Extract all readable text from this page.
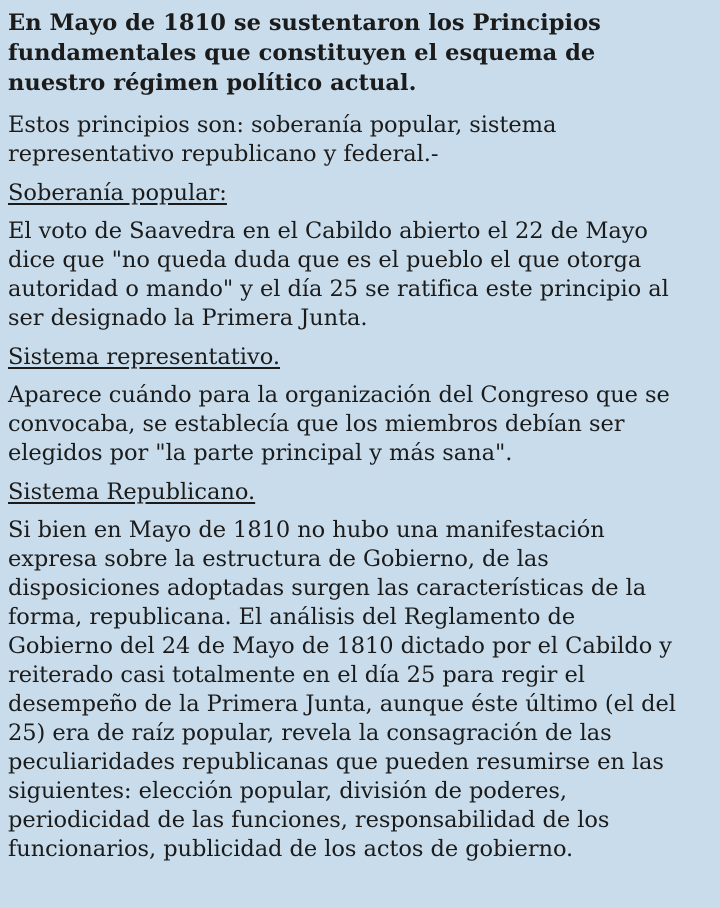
En Mayo de 1810 se sustentaron los Principios
fundamentales que constituyen el esquema de
nuestro régimen político actual.
Estos principios son: soberanía popular, sistema
representativo republicano y federal.-
Soberanía popular:
El voto de Saavedra en el Cabildo abierto el 22 de Mayo
dice que "no queda duda que es el pueblo el que otorga
autoridad o mando" y el día 25 se ratifica este principio al
ser designado la Primera Junta.
Sistema representativo.
Aparece cuándo para la organización del Congreso que se
convocaba, se establecía que los miembros debían ser
elegidos por "la parte principal y más sana".
Sistema Republicano.
Si bien en Mayo de 1810 no hubo una manifestación
expresa sobre la estructura de Gobierno, de las
disposiciones adoptadas surgen las características de la
forma, republicana. El análisis del Reglamento de
Gobierno del 24 de Mayo de 1810 dictado por el Cabildo y
reiterado casi totalmente en el día 25 para regir el
desempeño de la Primera Junta, aunque éste último (el del
25) era de raíz popular, revela la consagración de las
peculiaridades republicanas que pueden resumirse en las
siguientes: elección popular, división de poderes,
periodicidad de las funciones, responsabilidad de los
funcionarios, publicidad de los actos de gobierno.
